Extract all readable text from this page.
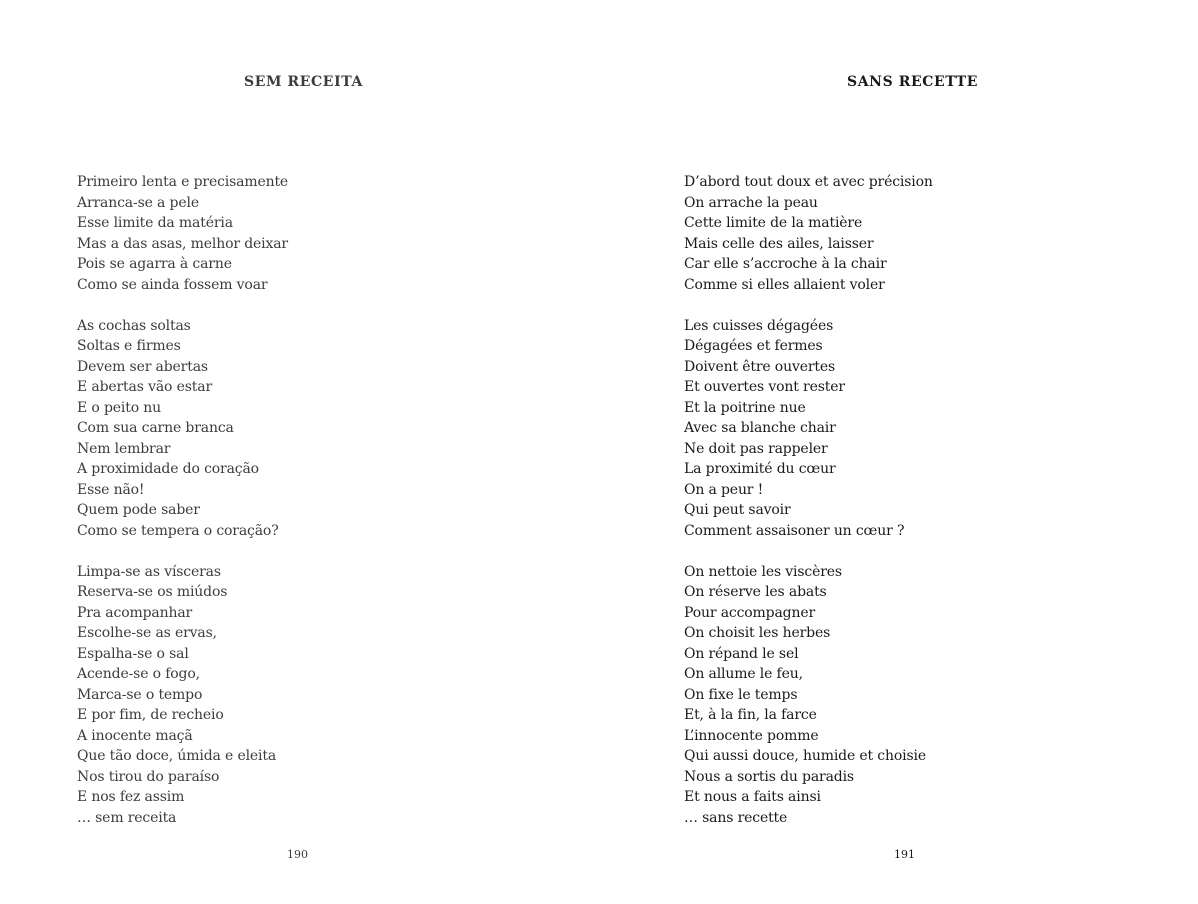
SEM RECEITA
Primeiro lenta e precisamente
Arranca-se a pele
Esse limite da matéria
Mas a das asas, melhor deixar
Pois se agarra à carne
Como se ainda fossem voar
As cochas soltas
Soltas e firmes
Devem ser abertas
E abertas vão estar
E o peito nu
Com sua carne branca
Nem lembrar
A proximidade do coração
Esse não!
Quem pode saber
Como se tempera o coração?
Limpa-se as vísceras
Reserva-se os miúdos
Pra acompanhar
Escolhe-se as ervas,
Espalha-se o sal
Acende-se o fogo,
Marca-se o tempo
E por fim, de recheio
A inocente maçã
Que tão doce, úmida e eleita
Nos tirou do paraíso
E nos fez assim
… sem receita
190
SANS RECETTE
D’abord tout doux et avec précision
On arrache la peau
Cette limite de la matière
Mais celle des ailes, laisser
Car elle s’accroche à la chair
Comme si elles allaient voler
Les cuisses dégagées
Dégagées et fermes
Doivent être ouvertes
Et ouvertes vont rester
Et la poitrine nue
Avec sa blanche chair
Ne doit pas rappeler
La proximité du cœur
On a peur !
Qui peut savoir
Comment assaisoner un cœur ?
On nettoie les viscères
On réserve les abats
Pour accompagner
On choisit les herbes
On répand le sel
On allume le feu,
On fixe le temps
Et, à la fin, la farce
L’innocente pomme
Qui aussi douce, humide et choisie
Nous a sortis du paradis
Et nous a faits ainsi
… sans recette
191
